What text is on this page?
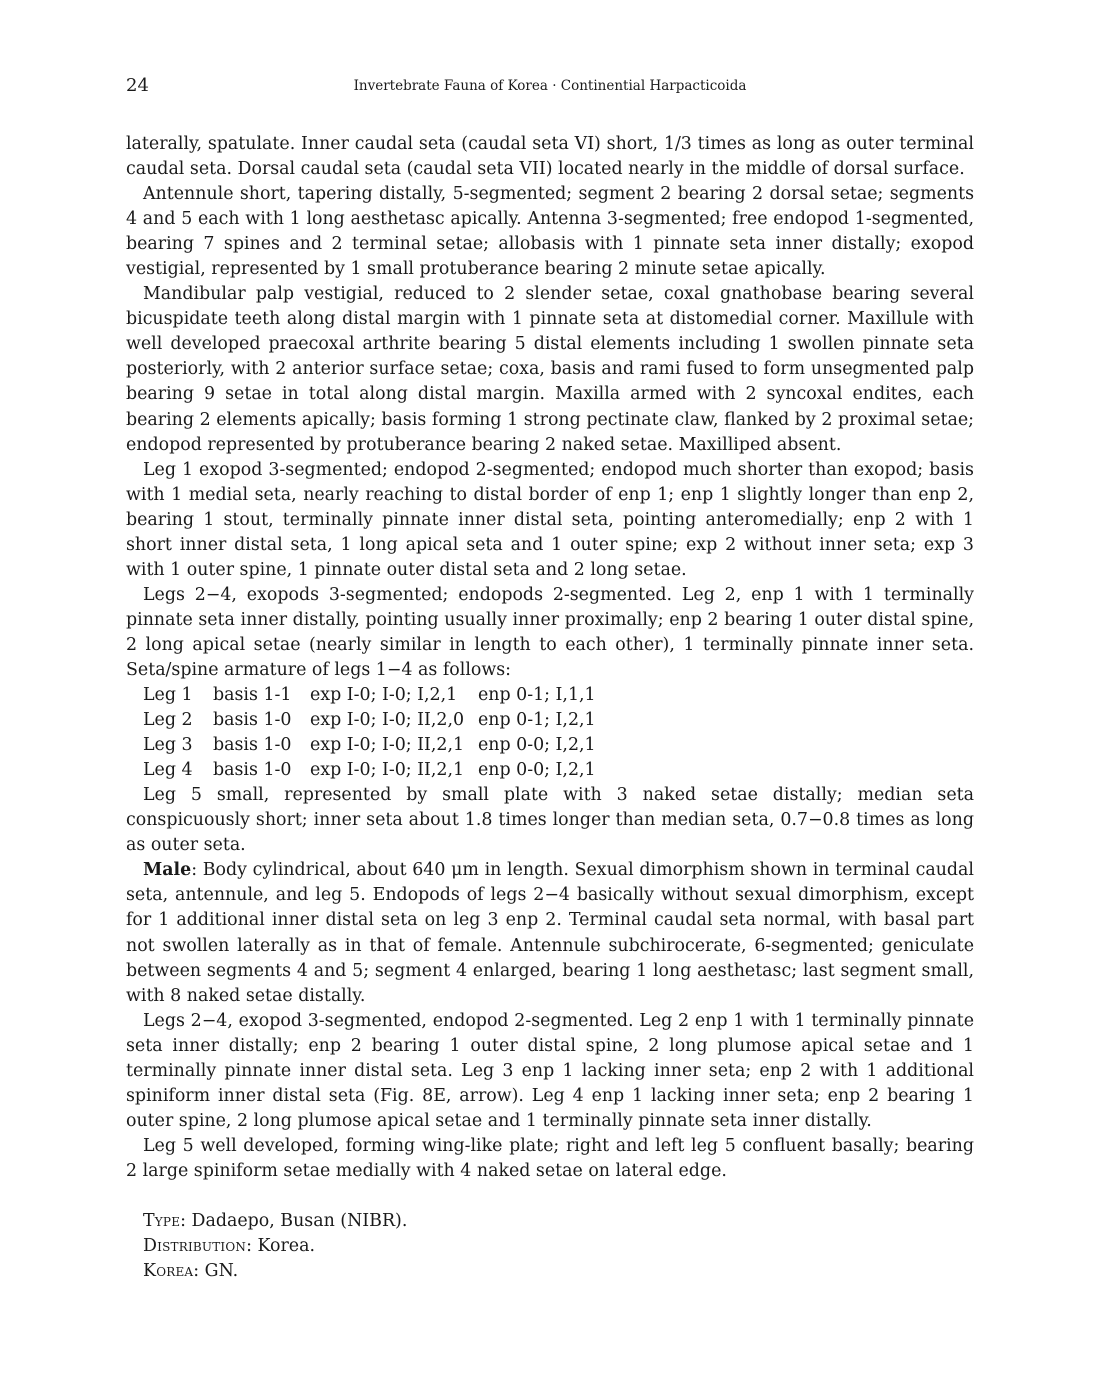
24	Invertebrate Fauna of Korea · Continential Harpacticoida

laterally, spatulate. Inner caudal seta (caudal seta VI) short, 1/3 times as long as outer terminal caudal seta. Dorsal caudal seta (caudal seta VII) located nearly in the middle of dorsal surface.

Antennule short, tapering distally, 5-segmented; segment 2 bearing 2 dorsal setae; segments 4 and 5 each with 1 long aesthetasc apically. Antenna 3-segmented; free endopod 1-segmented, bearing 7 spines and 2 terminal setae; allobasis with 1 pinnate seta inner distally; exopod vestigial, represented by 1 small protuberance bearing 2 minute setae apically.

Mandibular palp vestigial, reduced to 2 slender setae, coxal gnathobase bearing several bicuspidate teeth along distal margin with 1 pinnate seta at distomedial corner. Maxillule with well developed praecoxal arthrite bearing 5 distal elements including 1 swollen pinnate seta posteriorly, with 2 anterior surface setae; coxa, basis and rami fused to form unsegmented palp bearing 9 setae in total along distal margin. Maxilla armed with 2 syncoxal endites, each bearing 2 elements apically; basis forming 1 strong pectinate claw, flanked by 2 proximal setae; endopod represented by protuberance bearing 2 naked setae. Maxilliped absent.

Leg 1 exopod 3-segmented; endopod 2-segmented; endopod much shorter than exopod; basis with 1 medial seta, nearly reaching to distal border of enp 1; enp 1 slightly longer than enp 2, bearing 1 stout, terminally pinnate inner distal seta, pointing anteromedially; enp 2 with 1 short inner distal seta, 1 long apical seta and 1 outer spine; exp 2 without inner seta; exp 3 with 1 outer spine, 1 pinnate outer distal seta and 2 long setae.

Legs 2−4, exopods 3-segmented; endopods 2-segmented. Leg 2, enp 1 with 1 terminally pinnate seta inner distally, pointing usually inner proximally; enp 2 bearing 1 outer distal spine, 2 long apical setae (nearly similar in length to each other), 1 terminally pinnate inner seta. Seta/spine armature of legs 1−4 as follows:

Leg 1	basis 1-1	exp I-0; I-0; I,2,1	enp 0-1; I,1,1
Leg 2	basis 1-0	exp I-0; I-0; II,2,0 enp 0-1; I,2,1
Leg 3	basis 1-0	exp I-0; I-0; II,2,1 enp 0-0; I,2,1
Leg 4	basis 1-0	exp I-0; I-0; II,2,1 enp 0-0; I,2,1

Leg 5 small, represented by small plate with 3 naked setae distally; median seta conspicuously short; inner seta about 1.8 times longer than median seta, 0.7−0.8 times as long as outer seta.

Male: Body cylindrical, about 640 μm in length. Sexual dimorphism shown in terminal caudal seta, antennule, and leg 5. Endopods of legs 2−4 basically without sexual dimorphism, except for 1 additional inner distal seta on leg 3 enp 2. Terminal caudal seta normal, with basal part not swollen laterally as in that of female. Antennule subchirocerate, 6-segmented; geniculate between segments 4 and 5; segment 4 enlarged, bearing 1 long aesthetasc; last segment small, with 8 naked setae distally.

Legs 2−4, exopod 3-segmented, endopod 2-segmented. Leg 2 enp 1 with 1 terminally pinnate seta inner distally; enp 2 bearing 1 outer distal spine, 2 long plumose apical setae and 1 terminally pinnate inner distal seta. Leg 3 enp 1 lacking inner seta; enp 2 with 1 additional spiniform inner distal seta (Fig. 8E, arrow). Leg 4 enp 1 lacking inner seta; enp 2 bearing 1 outer spine, 2 long plumose apical setae and 1 terminally pinnate seta inner distally.

Leg 5 well developed, forming wing-like plate; right and left leg 5 confluent basally; bearing 2 large spiniform setae medially with 4 naked setae on lateral edge.

Type: Dadaepo, Busan (NIBR).
Distribution: Korea.
Korea: GN.
